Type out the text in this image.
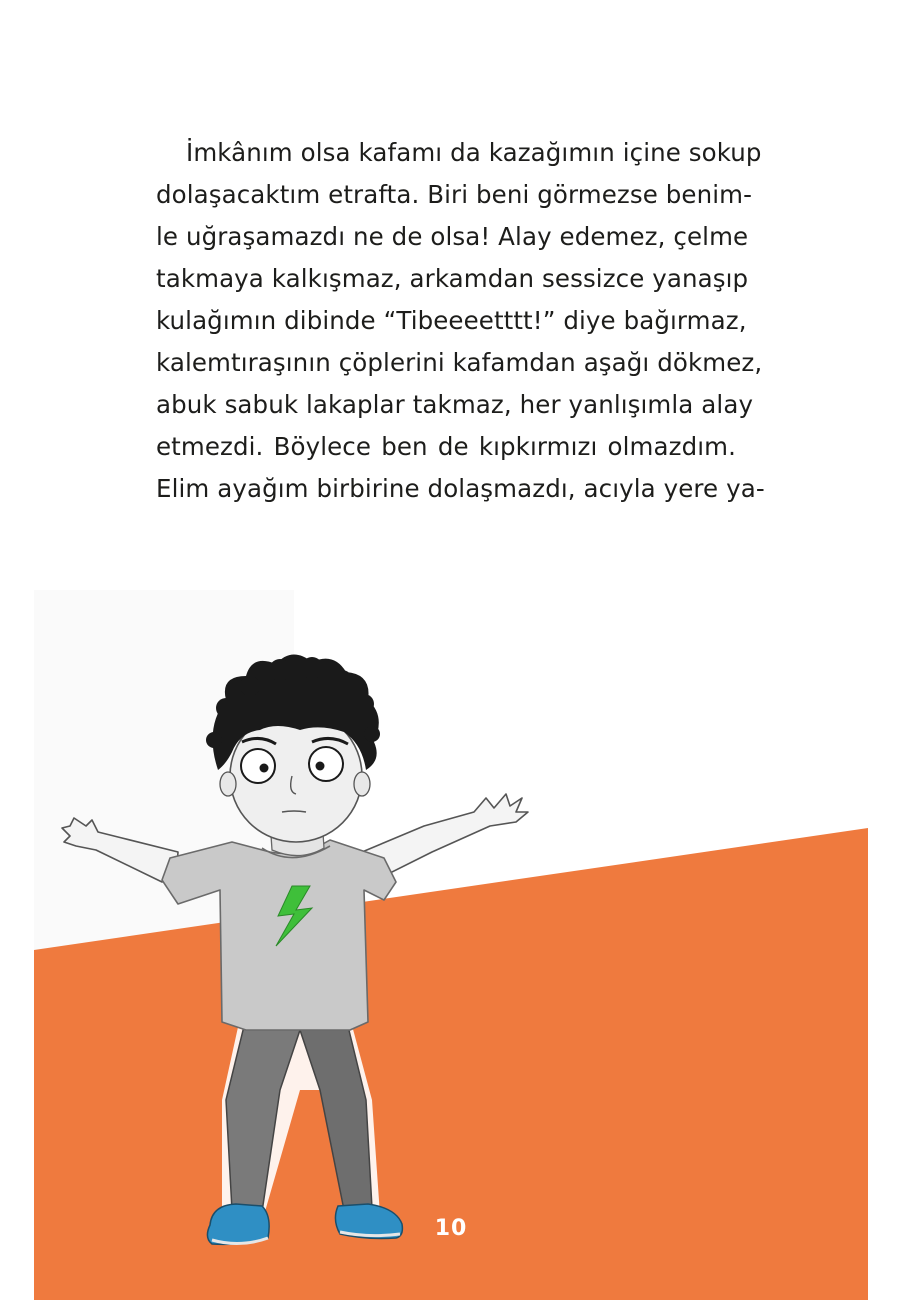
İmkânım olsa kafamı da kazağımın içine sokup
dolaşacaktım etrafta. Biri beni görmezse benim-
le uğraşamazdı ne de olsa! Alay edemez, çelme
takmaya kalkışmaz, arkamdan sessizce yanaşıp
kulağımın dibinde “Tibeeeetttt!” diye bağırmaz,
kalemtıraşının çöplerini kafamdan aşağı dökmez,
abuk sabuk lakaplar takmaz, her yanlışımla alay
etmezdi. Böylece ben de kıpkırmızı olmazdım.
Elim ayağım birbirine dolaşmazdı, acıyla yere ya-
10
